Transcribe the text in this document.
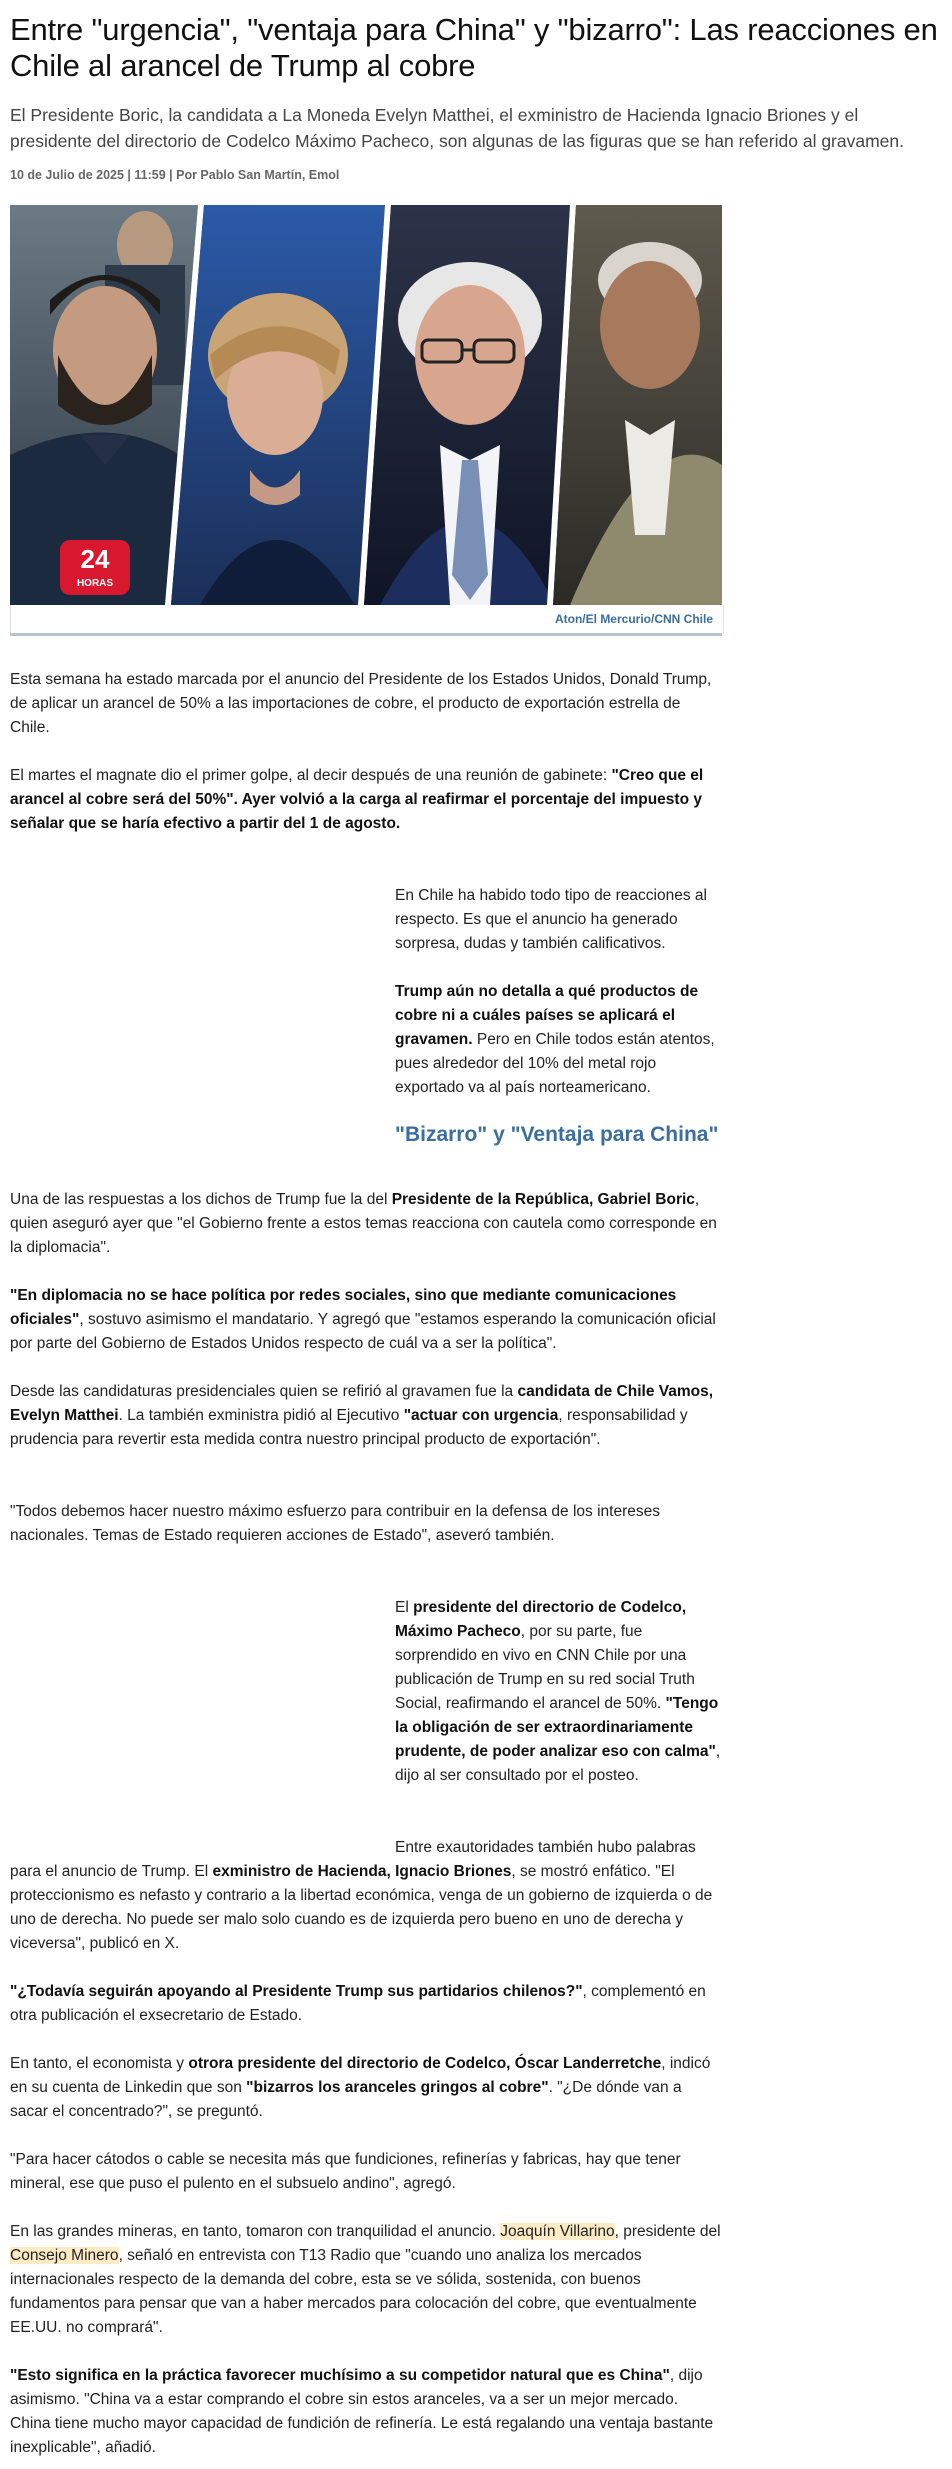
Entre "urgencia", "ventaja para China" y "bizarro": Las reacciones en Chile al arancel de Trump al cobre

El Presidente Boric, la candidata a La Moneda Evelyn Matthei, el exministro de Hacienda Ignacio Briones y el presidente del directorio de Codelco Máximo Pacheco, son algunas de las figuras que se han referido al gravamen.

10 de Julio de 2025 | 11:59 | Por Pablo San Martín, Emol

24
HORAS
Aton/El Mercurio/CNN Chile

Esta semana ha estado marcada por el anuncio del Presidente de los Estados Unidos, Donald Trump, de aplicar un arancel de 50% a las importaciones de cobre, el producto de exportación estrella de Chile.

El martes el magnate dio el primer golpe, al decir después de una reunión de gabinete: "Creo que el arancel al cobre será del 50%". Ayer volvió a la carga al reafirmar el porcentaje del impuesto y señalar que se haría efectivo a partir del 1 de agosto.

En Chile ha habido todo tipo de reacciones al respecto. Es que el anuncio ha generado sorpresa, dudas y también calificativos.

Trump aún no detalla a qué productos de cobre ni a cuáles países se aplicará el gravamen. Pero en Chile todos están atentos, pues alrededor del 10% del metal rojo exportado va al país norteamericano.

"Bizarro" y "Ventaja para China"

Una de las respuestas a los dichos de Trump fue la del Presidente de la República, Gabriel Boric, quien aseguró ayer que "el Gobierno frente a estos temas reacciona con cautela como corresponde en la diplomacia".

"En diplomacia no se hace política por redes sociales, sino que mediante comunicaciones oficiales", sostuvo asimismo el mandatario. Y agregó que "estamos esperando la comunicación oficial por parte del Gobierno de Estados Unidos respecto de cuál va a ser la política".

Desde las candidaturas presidenciales quien se refirió al gravamen fue la candidata de Chile Vamos, Evelyn Matthei. La también exministra pidió al Ejecutivo "actuar con urgencia, responsabilidad y prudencia para revertir esta medida contra nuestro principal producto de exportación".

"Todos debemos hacer nuestro máximo esfuerzo para contribuir en la defensa de los intereses nacionales. Temas de Estado requieren acciones de Estado", aseveró también.

El presidente del directorio de Codelco, Máximo Pacheco, por su parte, fue sorprendido en vivo en CNN Chile por una publicación de Trump en su red social Truth Social, reafirmando el arancel de 50%. "Tengo la obligación de ser extraordinariamente prudente, de poder analizar eso con calma", dijo al ser consultado por el posteo.

Entre exautoridades también hubo palabras

para el anuncio de Trump. El exministro de Hacienda, Ignacio Briones, se mostró enfático. "El proteccionismo es nefasto y contrario a la libertad económica, venga de un gobierno de izquierda o de uno de derecha. No puede ser malo solo cuando es de izquierda pero bueno en uno de derecha y viceversa", publicó en X.

"¿Todavía seguirán apoyando al Presidente Trump sus partidarios chilenos?", complementó en otra publicación el exsecretario de Estado.

En tanto, el economista y otrora presidente del directorio de Codelco, Óscar Landerretche, indicó en su cuenta de Linkedin que son "bizarros los aranceles gringos al cobre". "¿De dónde van a sacar el concentrado?", se preguntó.

"Para hacer cátodos o cable se necesita más que fundiciones, refinerías y fabricas, hay que tener mineral, ese que puso el pulento en el subsuelo andino", agregó.

En las grandes mineras, en tanto, tomaron con tranquilidad el anuncio. Joaquín Villarino, presidente del Consejo Minero, señaló en entrevista con T13 Radio que "cuando uno analiza los mercados internacionales respecto de la demanda del cobre, esta se ve sólida, sostenida, con buenos fundamentos para pensar que van a haber mercados para colocación del cobre, que eventualmente EE.UU. no comprará".

"Esto significa en la práctica favorecer muchísimo a su competidor natural que es China", dijo asimismo. "China va a estar comprando el cobre sin estos aranceles, va a ser un mejor mercado. China tiene mucho mayor capacidad de fundición de refinería. Le está regalando una ventaja bastante inexplicable", añadió.
